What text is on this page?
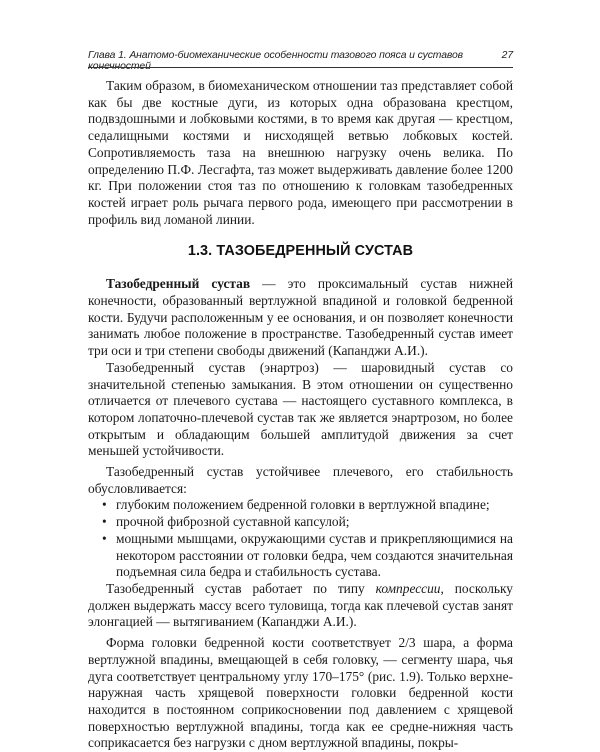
Глава 1. Анатомо-биомеханические особенности тазового пояса и суставов	27

Таким образом, в биомеханическом отношении таз представляет собой как бы две костные дуги, из которых одна образована крестцом, подвздошными и лобковыми костями, в то время как другая — крестцом, седалищными костями и нисходящей ветвью лобковых костей. Сопротивляемость таза на внешнюю нагрузку очень велика. По определению П.Ф. Лесгафта, таз может выдерживать давление более 1200 кг. При положении стоя таз по отношению к головкам тазобедренных костей играет роль рычага первого рода, имеющего при рассмотрении в профиль вид ломаной линии.

1.3. ТАЗОБЕДРЕННЫЙ СУСТАВ

Тазобедренный сустав — это проксимальный сустав нижней конечности, образованный вертлужной впадиной и головкой бедренной кости. Будучи расположенным у ее основания, и он позволяет конечности занимать любое положение в пространстве. Тазобедренный сустав имеет три оси и три степени свободы движений (Капанджи А.И.).

Тазобедренный сустав (энартроз) — шаровидный сустав со значительной степенью замыкания. В этом отношении он существенно отличается от плечевого сустава — настоящего суставного комплекса, в котором лопаточно-плечевой сустав так же является энартрозом, но более открытым и обладающим большей амплитудой движения за счет меньшей устойчивости.

Тазобедренный сустав устойчивее плечевого, его стабильность обусловливается:

• глубоким положением бедренной головки в вертлужной впадине;
• прочной фиброзной суставной капсулой;
• мощными мышцами, окружающими сустав и прикрепляющимися на некотором расстоянии от головки бедра, чем создаются значительная подъемная сила бедра и стабильность сустава.

Тазобедренный сустав работает по типу компрессии, поскольку должен выдержать массу всего туловища, тогда как плечевой сустав занят элонгацией — вытягиванием (Капанджи А.И.).

Форма головки бедренной кости соответствует 2/3 шара, а форма вертлужной впадины, вмещающей в себя головку, — сегменту шара, чья дуга соответствует центральному углу 170–175° (рис. 1.9). Только верхне-наружная часть хрящевой поверхности головки бедренной кости находится в постоянном соприкосновении под давлением с хрящевой поверхностью вертлужной впадины, тогда как ее средне-нижняя часть соприкасается без нагрузки с дном вертлужной впадины, покры-
